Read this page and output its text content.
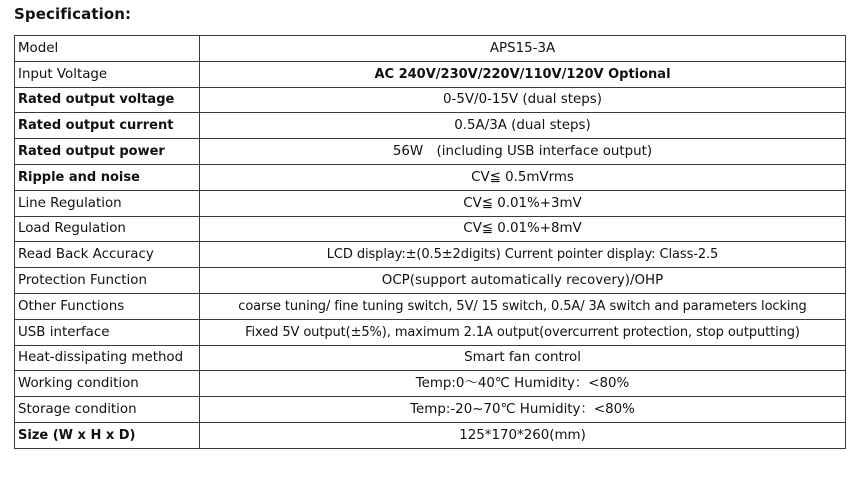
Specification:
Model	APS15-3A
Input Voltage	AC 240V/230V/220V/110V/120V Optional
Rated output voltage	0-5V/0-15V (dual steps)
Rated output current	0.5A/3A (dual steps)
Rated output power	56W　(including USB interface output)
Ripple and noise	CV≦ 0.5mVrms
Line Regulation	CV≦ 0.01%+3mV
Load Regulation	CV≦ 0.01%+8mV
Read Back Accuracy	LCD display:±(0.5±2digits) Current pointer display: Class-2.5
Protection Function	OCP(support automatically recovery)/OHP
Other Functions	coarse tuning/ fine tuning switch, 5V/ 15 switch, 0.5A/ 3A switch and parameters locking
USB interface	Fixed 5V output(±5%), maximum 2.1A output(overcurrent protection, stop outputting)
Heat-dissipating method	Smart fan control
Working condition	Temp:0～40℃ Humidity：<80%
Storage condition	Temp:-20~70℃ Humidity：<80%
Size (W x H x D)	125*170*260(mm)
